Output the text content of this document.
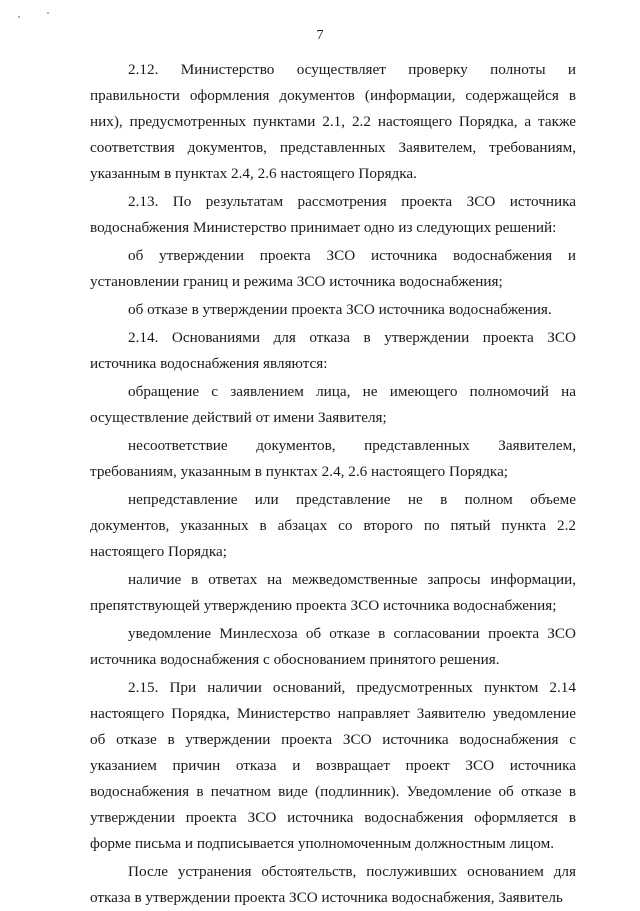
7

2.12. Министерство осуществляет проверку полноты и правильности оформления документов (информации, содержащейся в них), предусмотренных пунктами 2.1, 2.2 настоящего Порядка, а также соответствия документов, представленных Заявителем, требованиям, указанным в пунктах 2.4, 2.6 настоящего Порядка.

2.13. По результатам рассмотрения проекта ЗСО источника водоснабжения Министерство принимает одно из следующих решений:

об утверждении проекта ЗСО источника водоснабжения и установлении границ и режима ЗСО источника водоснабжения;

об отказе в утверждении проекта ЗСО источника водоснабжения.

2.14. Основаниями для отказа в утверждении проекта ЗСО источника водоснабжения являются:

обращение с заявлением лица, не имеющего полномочий на осуществление действий от имени Заявителя;

несоответствие документов, представленных Заявителем, требованиям, указанным в пунктах 2.4, 2.6 настоящего Порядка;

непредставление или представление не в полном объеме документов, указанных в абзацах со второго по пятый пункта 2.2 настоящего Порядка;

наличие в ответах на межведомственные запросы информации, препятствующей утверждению проекта ЗСО источника водоснабжения;

уведомление Минлесхоза об отказе в согласовании проекта ЗСО источника водоснабжения с обоснованием принятого решения.

2.15. При наличии оснований, предусмотренных пунктом 2.14 настоящего Порядка, Министерство направляет Заявителю уведомление об отказе в утверждении проекта ЗСО источника водоснабжения с указанием причин отказа и возвращает проект ЗСО источника водоснабжения в печатном виде (подлинник). Уведомление об отказе в утверждении проекта ЗСО источника водоснабжения оформляется в форме письма и подписывается уполномоченным должностным лицом.

После устранения обстоятельств, послуживших основанием для отказа в утверждении проекта ЗСО источника водоснабжения, Заявитель
